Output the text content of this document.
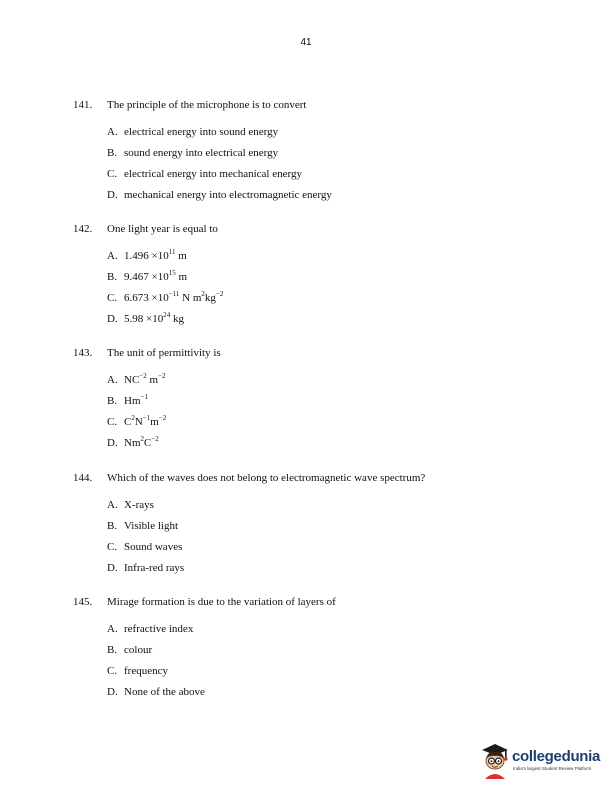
41
141. The principle of the microphone is to convert
A. electrical energy into sound energy
B. sound energy into electrical energy
C. electrical energy into mechanical energy
D. mechanical energy into electromagnetic energy
142. One light year is equal to
A. $1.496 \times 10^{11}$ m
B. $9.467 \times 10^{15}$ m
C. $6.673 \times 10^{-11}$ N $m^2kg^{-2}$
D. $5.98 \times 10^{24}$ kg
143. The unit of permittivity is
A. $NC^{-2}$ $m^{-2}$
B. $Hm^{-1}$
C. $C^2N^{-1}m^{-2}$
D. $Nm^2C^{-2}$
144. Which of the waves does not belong to electromagnetic wave spectrum?
A. X-rays
B. Visible light
C. Sound waves
D. Infra-red rays
145. Mirage formation is due to the variation of layers of
A. refractive index
B. colour
C. frequency
D. None of the above
collegedunia
India's largest Student Review Platform
